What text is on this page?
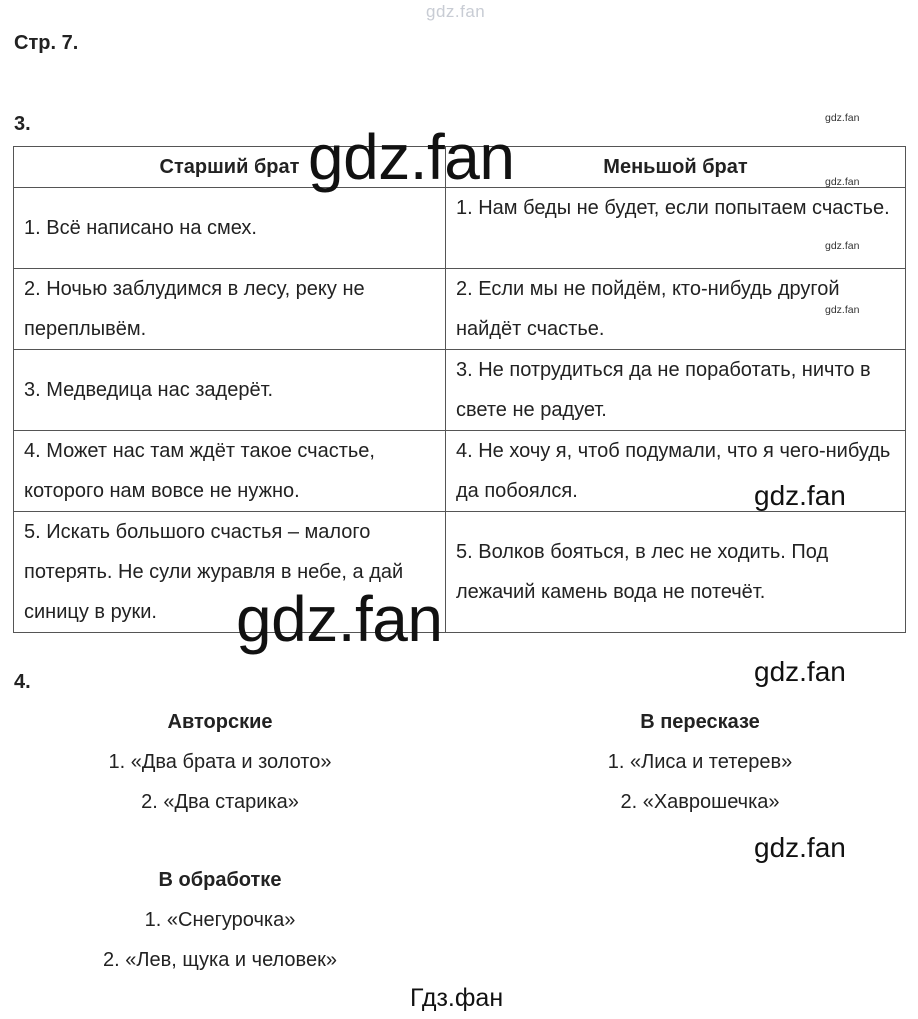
gdz.fan
Стр. 7.
3.
Старший брат	Меньшой брат
1. Всё написано на смех.	1. Нам беды не будет, если попытаем счастье.
2. Ночью заблудимся в лесу, реку не переплывём.	2. Если мы не пойдём, кто-нибудь другой найдёт счастье.
3. Медведица нас задерёт.	3. Не потрудиться да не поработать, ничто в свете не радует.
4. Может нас там ждёт такое счастье, которого нам вовсе не нужно.	4. Не хочу я, чтоб подумали, что я чего-нибудь да побоялся.
5. Искать большого счастья – малого потерять. Не сули журавля в небе, а дай синицу в руки.	5. Волков бояться, в лес не ходить. Под лежачий камень вода не потечёт.
gdz.fan
gdz.fan
gdz.fan
gdz.fan
gdz.fan
gdz.fan
gdz.fan
gdz.fan
gdz.fan
4.
Авторские
1. «Два брата и золото»
2. «Два старика»
В пересказе
1. «Лиса и тетерев»
2. «Хаврошечка»
В обработке
1. «Снегурочка»
2. «Лев, щука и человек»
Гдз.фан
